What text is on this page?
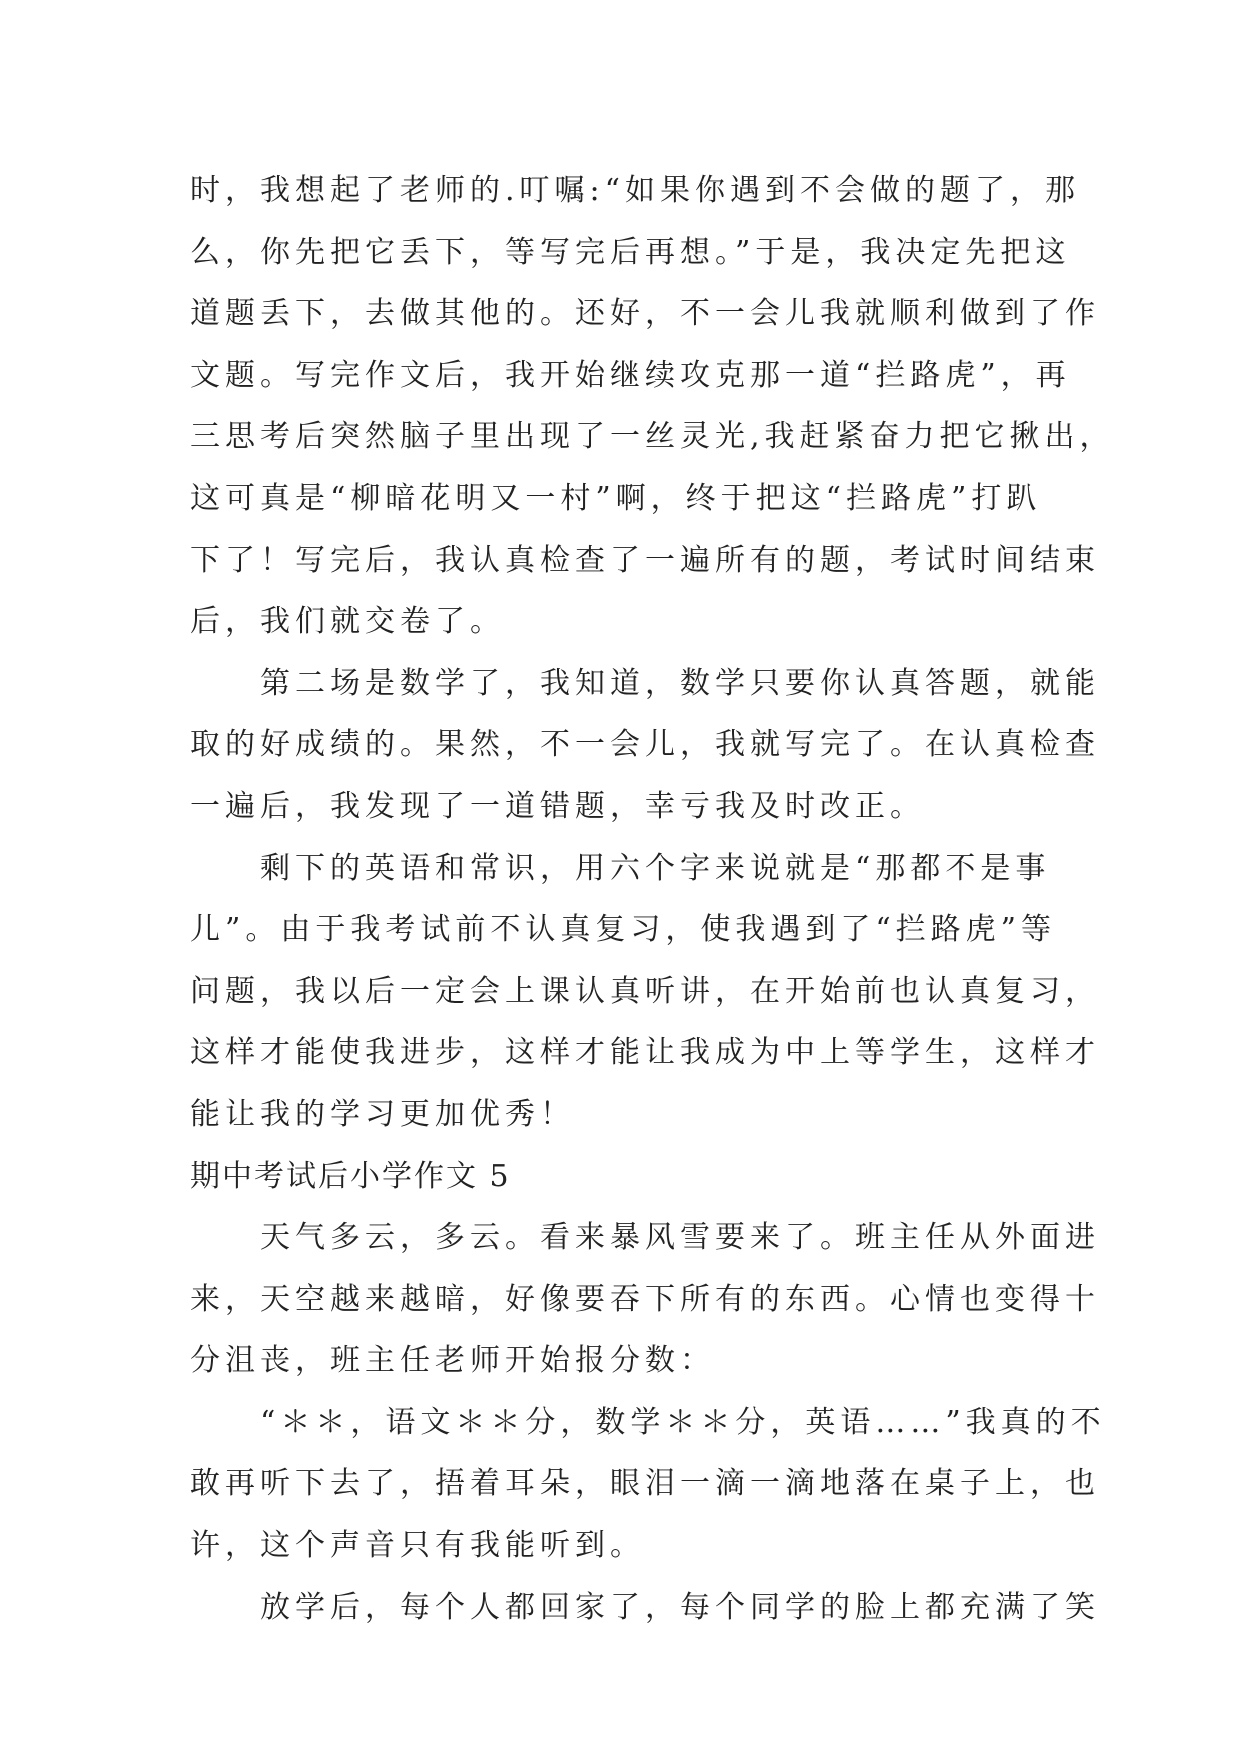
时，我想起了老师的.叮嘱:“如果你遇到不会做的题了，那
么，你先把它丢下，等写完后再想。”于是，我决定先把这
道题丢下，去做其他的。还好，不一会儿我就顺利做到了作
文题。写完作文后，我开始继续攻克那一道“拦路虎”，再
三思考后突然脑子里出现了一丝灵光,我赶紧奋力把它揪出，
这可真是“柳暗花明又一村”啊，终于把这“拦路虎”打趴
下了！写完后，我认真检查了一遍所有的题，考试时间结束
后，我们就交卷了。
　　第二场是数学了，我知道，数学只要你认真答题，就能
取的好成绩的。果然，不一会儿，我就写完了。在认真检查
一遍后，我发现了一道错题，幸亏我及时改正。
　　剩下的英语和常识，用六个字来说就是“那都不是事
儿”。由于我考试前不认真复习，使我遇到了“拦路虎”等
问题，我以后一定会上课认真听讲，在开始前也认真复习，
这样才能使我进步，这样才能让我成为中上等学生，这样才
能让我的学习更加优秀！
期中考试后小学作文 5
　　天气多云，多云。看来暴风雪要来了。班主任从外面进
来，天空越来越暗，好像要吞下所有的东西。心情也变得十
分沮丧，班主任老师开始报分数：
　　“＊＊，语文＊＊分，数学＊＊分，英语……”我真的不
敢再听下去了，捂着耳朵，眼泪一滴一滴地落在桌子上，也
许，这个声音只有我能听到。
　　放学后，每个人都回家了，每个同学的脸上都充满了笑
